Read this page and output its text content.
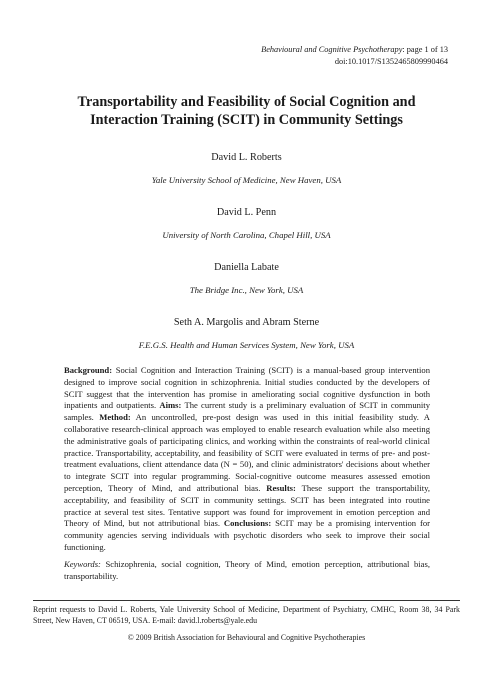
Behavioural and Cognitive Psychotherapy: page 1 of 13
doi:10.1017/S1352465809990464
Transportability and Feasibility of Social Cognition and
Interaction Training (SCIT) in Community Settings
David L. Roberts
Yale University School of Medicine, New Haven, USA
David L. Penn
University of North Carolina, Chapel Hill, USA
Daniella Labate
The Bridge Inc., New York, USA
Seth A. Margolis and Abram Sterne
F.E.G.S. Health and Human Services System, New York, USA

Background: Social Cognition and Interaction Training (SCIT) is a manual-based group intervention designed to improve social cognition in schizophrenia. Initial studies conducted by the developers of SCIT suggest that the intervention has promise in ameliorating social cognitive dysfunction in both inpatients and outpatients. Aims: The current study is a preliminary evaluation of SCIT in community samples. Method: An uncontrolled, pre-post design was used in this initial feasibility study. A collaborative research-clinical approach was employed to enable research evaluation while also meeting the administrative goals of participating clinics, and working within the constraints of real-world clinical practice. Transportability, acceptability, and feasibility of SCIT were evaluated in terms of pre- and post-treatment evaluations, client attendance data (N = 50), and clinic administrators' decisions about whether to integrate SCIT into regular programming. Social-cognitive outcome measures assessed emotion perception, Theory of Mind, and attributional bias. Results: These support the transportability, acceptability, and feasibility of SCIT in community settings. SCIT has been integrated into routine practice at several test sites. Tentative support was found for improvement in emotion perception and Theory of Mind, but not attributional bias. Conclusions: SCIT may be a promising intervention for community agencies serving individuals with psychotic disorders who seek to improve their social functioning.

Keywords: Schizophrenia, social cognition, Theory of Mind, emotion perception, attributional bias, transportability.

Reprint requests to David L. Roberts, Yale University School of Medicine, Department of Psychiatry, CMHC, Room 38, 34 Park Street, New Haven, CT 06519, USA. E-mail: david.l.roberts@yale.edu
© 2009 British Association for Behavioural and Cognitive Psychotherapies
